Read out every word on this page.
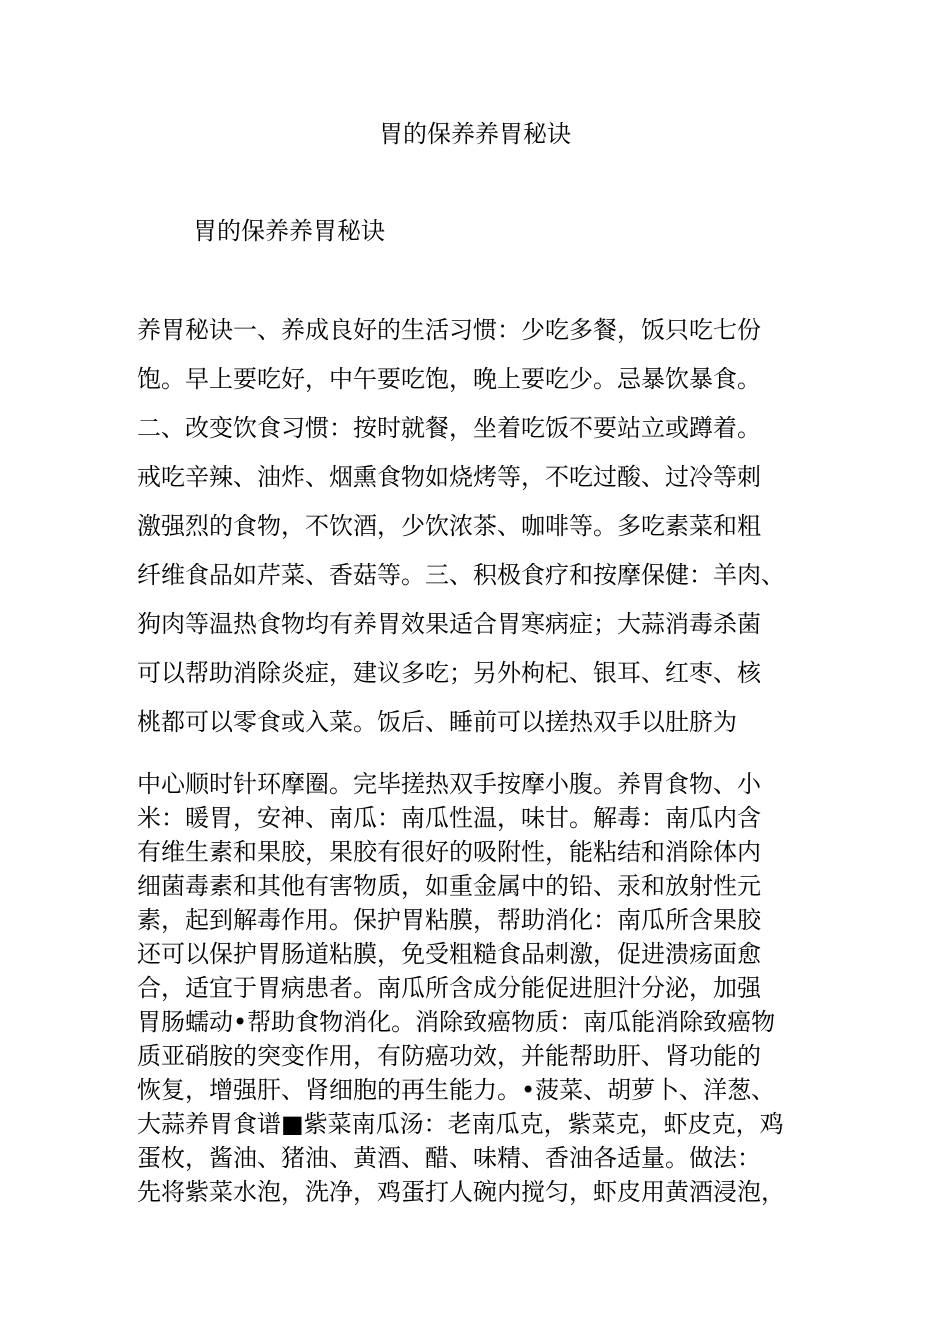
胃的保养养胃秘诀
胃的保养养胃秘诀
养胃秘诀一、养成良好的生活习惯：少吃多餐，饭只吃七份
饱。早上要吃好，中午要吃饱，晚上要吃少。忌暴饮暴食。
二、改变饮食习惯：按时就餐，坐着吃饭不要站立或蹲着。
戒吃辛辣、油炸、烟熏食物如烧烤等，不吃过酸、过冷等刺
激强烈的食物，不饮酒，少饮浓茶、咖啡等。多吃素菜和粗
纤维食品如芹菜、香菇等。三、积极食疗和按摩保健：羊肉、
狗肉等温热食物均有养胃效果适合胃寒病症；大蒜消毒杀菌
可以帮助消除炎症，建议多吃；另外枸杞、银耳、红枣、核
桃都可以零食或入菜。饭后、睡前可以搓热双手以肚脐为
中心顺时针环摩圈。完毕搓热双手按摩小腹。养胃食物、小
米：暖胃，安神、南瓜：南瓜性温，味甘。解毒：南瓜内含
有维生素和果胶，果胶有很好的吸附性，能粘结和消除体内
细菌毒素和其他有害物质，如重金属中的铅、汞和放射性元
素，起到解毒作用。保护胃粘膜，帮助消化：南瓜所含果胶
还可以保护胃肠道粘膜，免受粗糙食品刺激，促进溃疡面愈
合，适宜于胃病患者。南瓜所含成分能促进胆汁分泌，加强
胃肠蠕动•帮助食物消化。消除致癌物质：南瓜能消除致癌物
质亚硝胺的突变作用，有防癌功效，并能帮助肝、肾功能的
恢复，增强肝、肾细胞的再生能力。•菠菜、胡萝卜、洋葱、
大蒜养胃食谱■紫菜南瓜汤：老南瓜克，紫菜克，虾皮克，鸡
蛋枚，酱油、猪油、黄酒、醋、味精、香油各适量。做法：
先将紫菜水泡，洗净，鸡蛋打人碗内搅匀，虾皮用黄酒浸泡，
